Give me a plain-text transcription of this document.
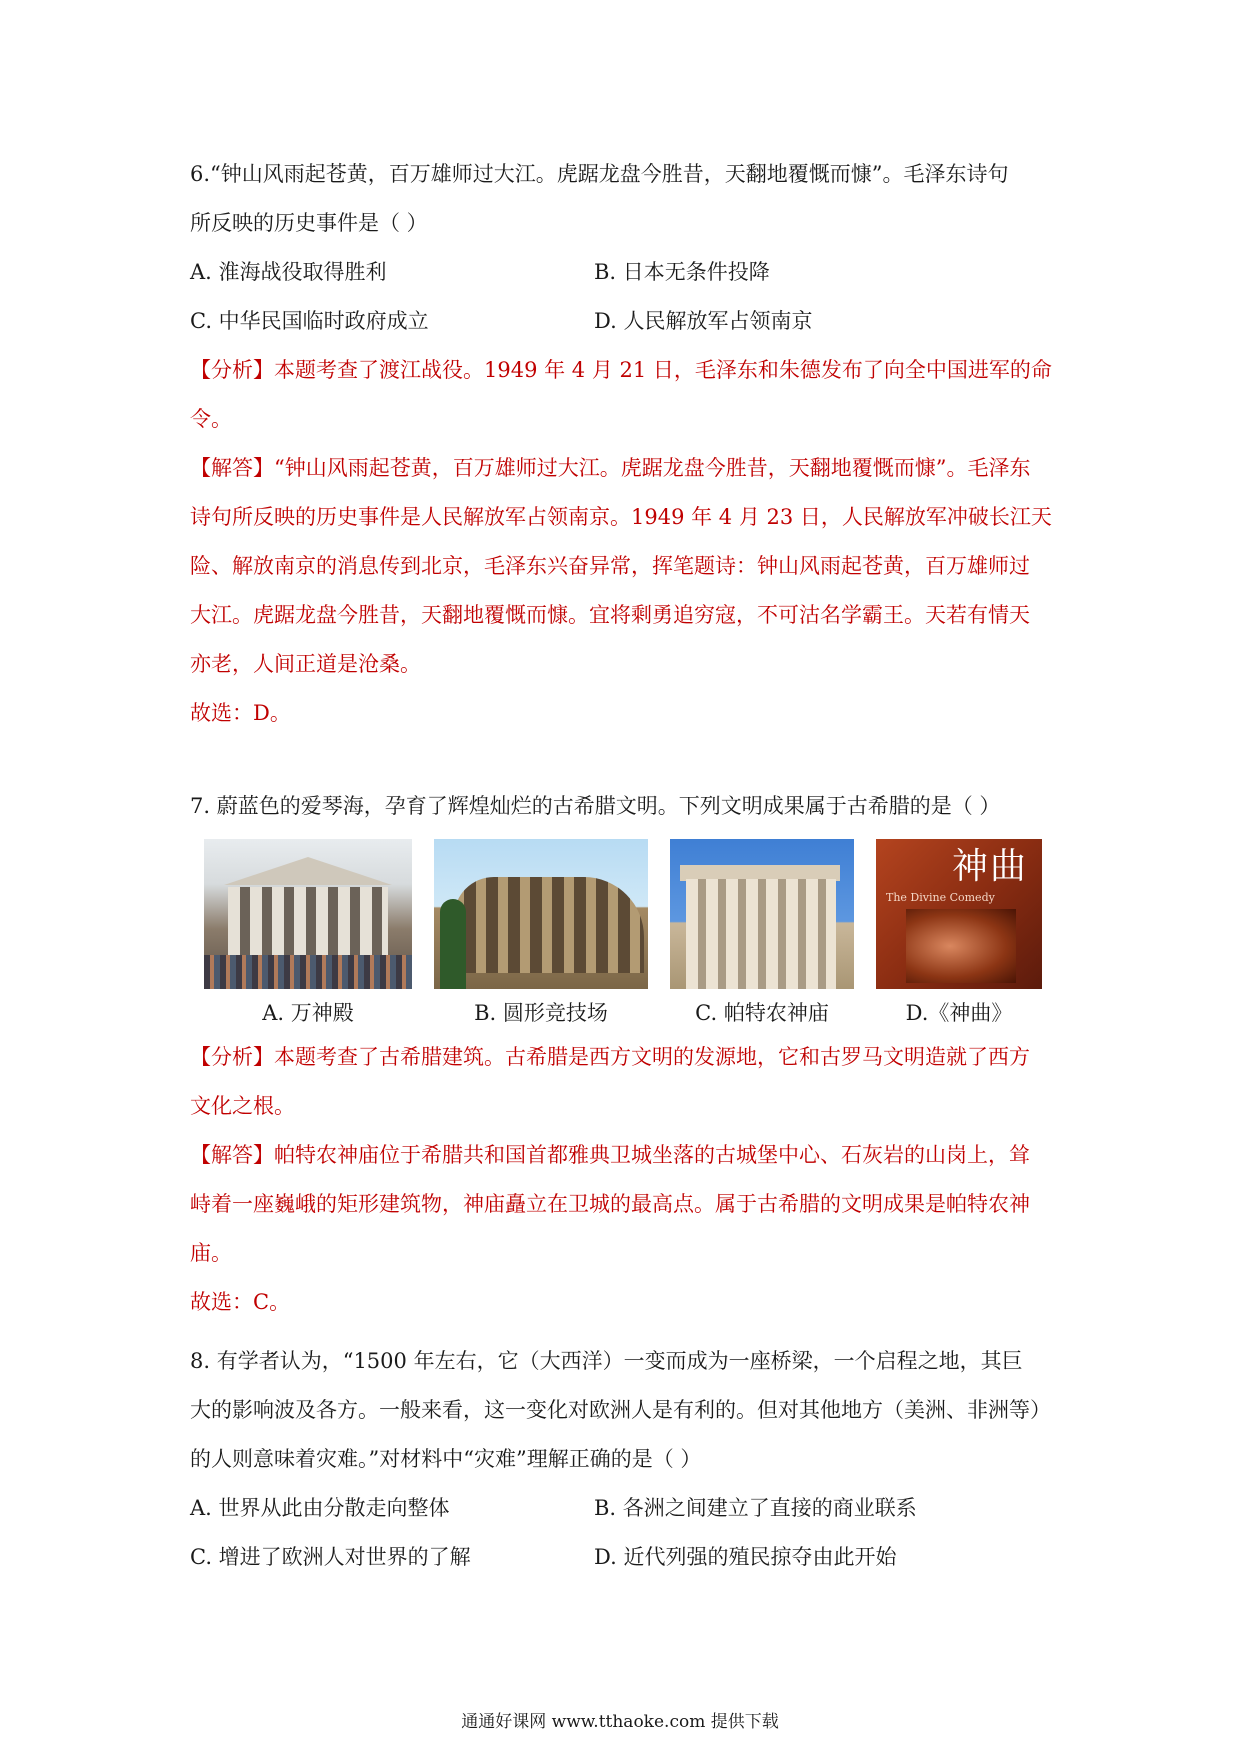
6.“钟山风雨起苍黄，百万雄师过大江。虎踞龙盘今胜昔，天翻地覆慨而慷”。毛泽东诗句
所反映的历史事件是（ ）
A. 淮海战役取得胜利	B. 日本无条件投降
C. 中华民国临时政府成立	D. 人民解放军占领南京
【分析】本题考查了渡江战役。1949 年 4 月 21 日，毛泽东和朱德发布了向全中国进军的命
令。
【解答】“钟山风雨起苍黄，百万雄师过大江。虎踞龙盘今胜昔，天翻地覆慨而慷”。毛泽东
诗句所反映的历史事件是人民解放军占领南京。1949 年 4 月 23 日，人民解放军冲破长江天
险、解放南京的消息传到北京，毛泽东兴奋异常，挥笔题诗：钟山风雨起苍黄，百万雄师过
大江。虎踞龙盘今胜昔，天翻地覆慨而慷。宜将剩勇追穷寇，不可沽名学霸王。天若有情天
亦老，人间正道是沧桑。
故选：D。
7. 蔚蓝色的爱琴海，孕育了辉煌灿烂的古希腊文明。下列文明成果属于古希腊的是（ ）
A. 万神殿	B. 圆形竞技场	C. 帕特农神庙
神曲
The Divine Comedy
D.《神曲》
【分析】本题考查了古希腊建筑。古希腊是西方文明的发源地，它和古罗马文明造就了西方
文化之根。
【解答】帕特农神庙位于希腊共和国首都雅典卫城坐落的古城堡中心、石灰岩的山岗上，耸
峙着一座巍峨的矩形建筑物，神庙矗立在卫城的最高点。属于古希腊的文明成果是帕特农神
庙。
故选：C。
8. 有学者认为，“1500 年左右，它（大西洋）一变而成为一座桥梁，一个启程之地，其巨
大的影响波及各方。一般来看，这一变化对欧洲人是有利的。但对其他地方（美洲、非洲等）
的人则意味着灾难。”对材料中“灾难”理解正确的是（ ）
A. 世界从此由分散走向整体	B. 各洲之间建立了直接的商业联系
C. 增进了欧洲人对世界的了解	D. 近代列强的殖民掠夺由此开始
通通好课网 www.tthaoke.com 提供下载
